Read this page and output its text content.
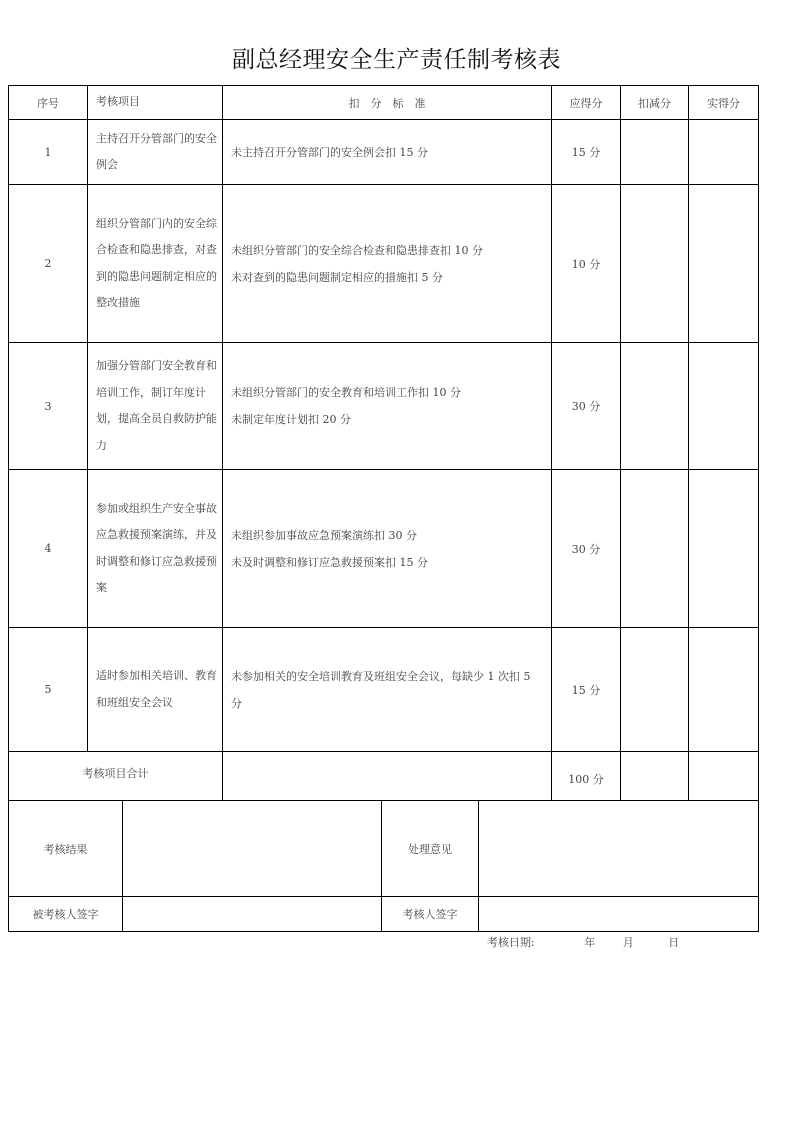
副总经理安全生产责任制考核表
序号	考核项目	扣　分　标　准	应得分	扣减分	实得分
1	主持召开分管部门的安全例会	未主持召开分管部门的安全例会扣 15 分	15 分		
2	组织分管部门内的安全综合检查和隐患排查，对查到的隐患问题制定相应的整改措施	未组织分管部门的安全综合检查和隐患排查扣 10 分
未对查到的隐患问题制定相应的措施扣 5 分	10 分		
3	加强分管部门安全教育和培训工作，制订年度计划，提高全员自救防护能力	未组织分管部门的安全教育和培训工作扣 10 分
未制定年度计划扣 20 分	30 分		
4	参加或组织生产安全事故应急救援预案演练，并及时调整和修订应急救援预案	未组织参加事故应急预案演练扣 30 分
未及时调整和修订应急救援预案扣 15 分	30 分		
5	适时参加相关培训、教育和班组安全会议	未参加相关的安全培训教育及班组安全会议，每缺少 1 次扣 5 分	15 分		
考核项目合计			100 分		
考核结果		处理意见	
被考核人签字		考核人签字	
考核日期:	年	月	日
